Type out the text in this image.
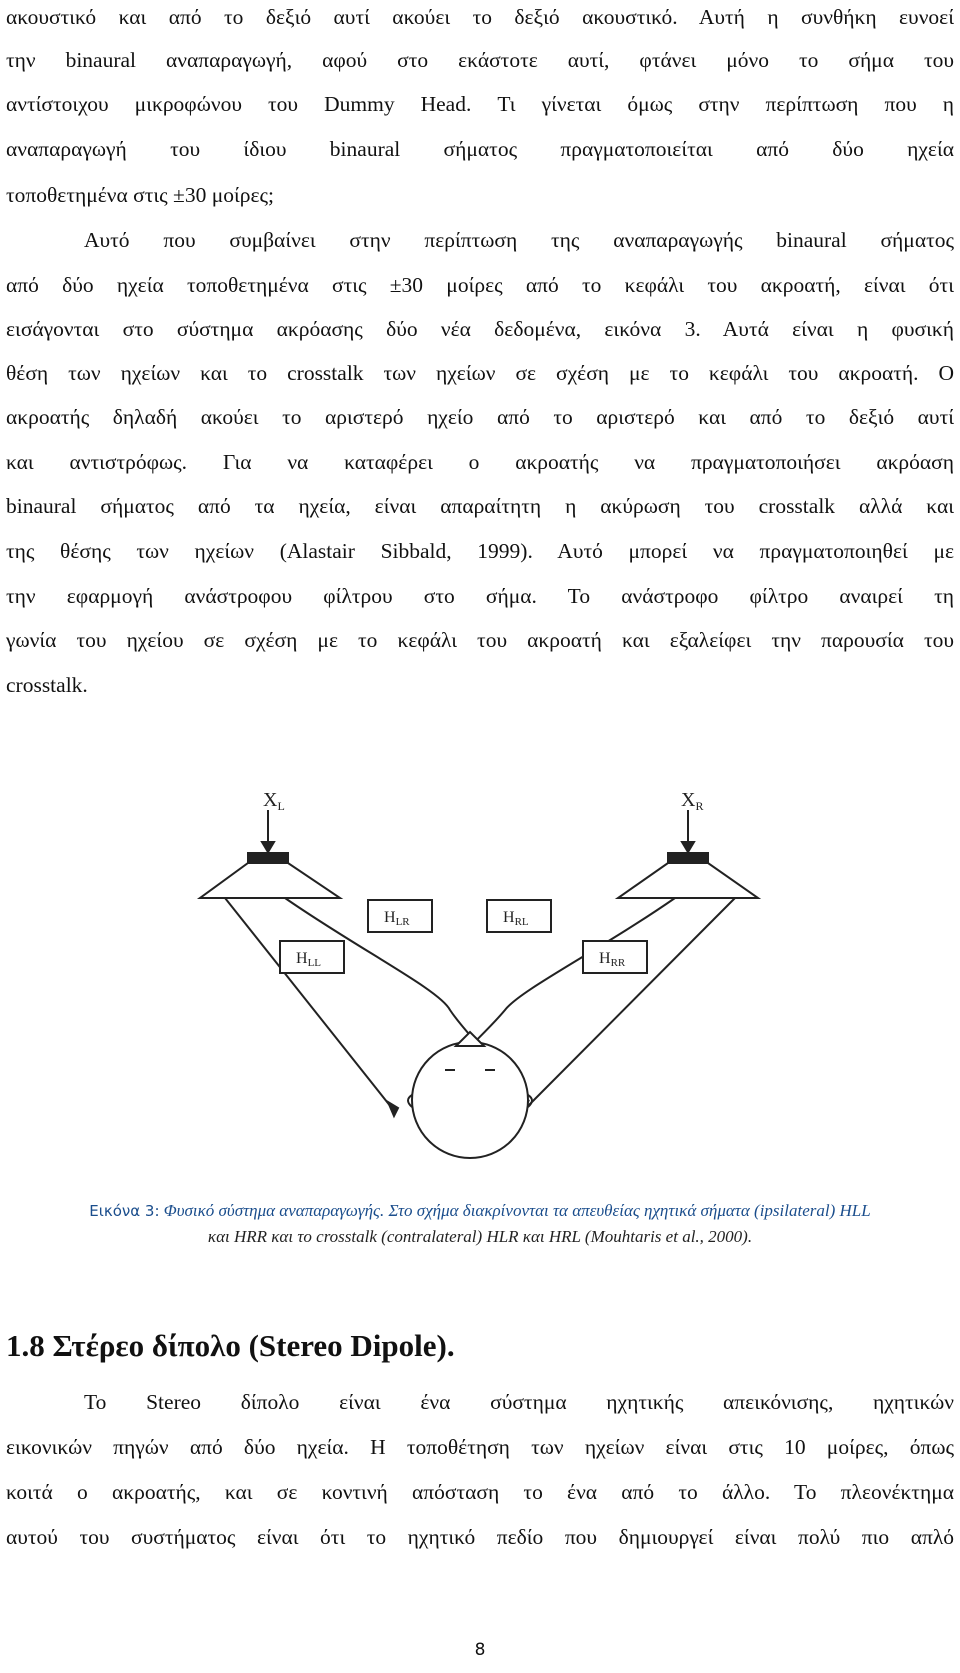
ακουστικό και από το δεξιό αυτί ακούει το δεξιό ακουστικό. Αυτή η συνθήκη ευνοεί
την binaural αναπαραγωγή, αφού στο εκάστοτε αυτί, φτάνει μόνο το σήμα του
αντίστοιχου μικροφώνου του Dummy Head. Τι γίνεται όμως στην περίπτωση που η
αναπαραγωγή του ίδιου binaural σήματος πραγματοποιείται από δύο ηχεία
τοποθετημένα στις ±30 μοίρες;
Αυτό που συμβαίνει στην περίπτωση της αναπαραγωγής binaural σήματος
από δύο ηχεία τοποθετημένα στις ±30 μοίρες από το κεφάλι του ακροατή, είναι ότι
εισάγονται στο σύστημα ακρόασης δύο νέα δεδομένα, εικόνα 3. Αυτά είναι η φυσική
θέση των ηχείων και το crosstalk των ηχείων σε σχέση με το κεφάλι του ακροατή. Ο
ακροατής δηλαδή ακούει το αριστερό ηχείο από το αριστερό και από το δεξιό αυτί
και αντιστρόφως. Για να καταφέρει ο ακροατής να πραγματοποιήσει ακρόαση
binaural σήματος από τα ηχεία, είναι απαραίτητη η ακύρωση του crosstalk αλλά και
της θέσης των ηχείων (Alastair Sibbald, 1999). Αυτό μπορεί να πραγματοποιηθεί με
την εφαρμογή ανάστροφου φίλτρου στο σήμα. Το ανάστροφο φίλτρο αναιρεί τη
γωνία του ηχείου σε σχέση με το κεφάλι του ακροατή και εξαλείφει την παρουσία του
crosstalk.
$X_L$	$X_R$
HLR	HRL
HLL	HRR
Εικόνα 3: Φυσικό σύστημα αναπαραγωγής. Στο σχήμα διακρίνονται τα απευθείας ηχητικά σήματα (ipsilateral) HLL
και HRR και το crosstalk (contralateral) HLR και HRL (Mouhtaris et al., 2000).
1.8 Στέρεο δίπολο (Stereo Dipole).
Το Stereo δίπολο είναι ένα σύστημα ηχητικής απεικόνισης, ηχητικών
εικονικών πηγών από δύο ηχεία. Η τοποθέτηση των ηχείων είναι στις 10 μοίρες, όπως
κοιτά ο ακροατής, και σε κοντινή απόσταση το ένα από το άλλο. Το πλεονέκτημα
αυτού του συστήματος είναι ότι το ηχητικό πεδίο που δημιουργεί είναι πολύ πιο απλό
8
